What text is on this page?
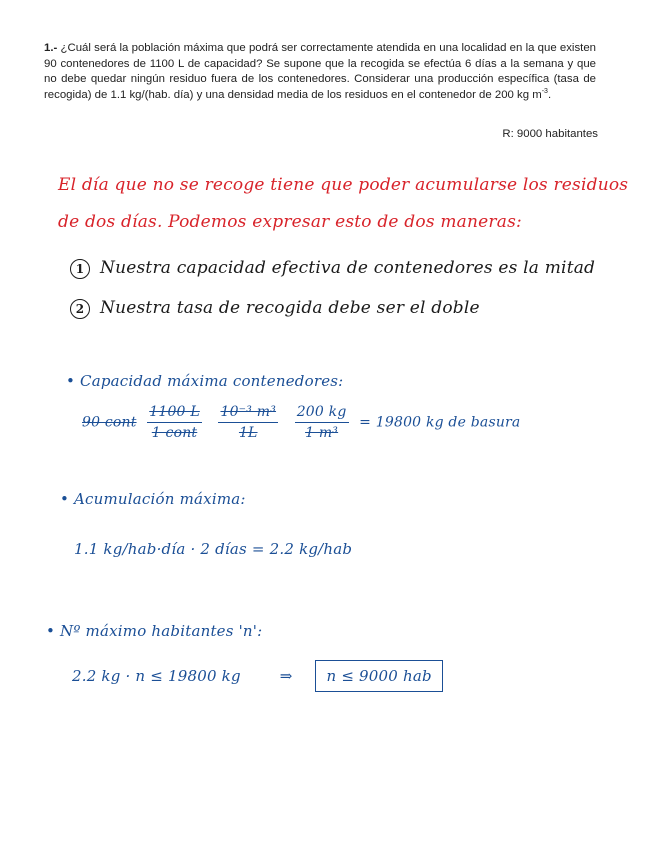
1.- ¿Cuál será la población máxima que podrá ser correctamente atendida en una localidad en la que existen 90 contenedores de 1100 L de capacidad? Se supone que la recogida se efectúa 6 días a la semana y que no debe quedar ningún residuo fuera de los contenedores. Considerar una producción específica (tasa de recogida) de 1.1 kg/(hab. día) y una densidad media de los residuos en el contenedor de 200 kg $m^{-3}$.
R: 9000 habitantes
El día que no se recoge tiene que poder acumularse los residuos
de dos días. Podemos expresar esto de dos maneras:
1 Nuestra capacidad efectiva de contenedores es la mitad
2 Nuestra tasa de recogida debe ser el doble
• Capacidad máxima contenedores:
90 cont $\frac{1100 L}{\text{1 cont}}$
$\frac{\text{10⁻³ m³}}{1L}$
$\frac{200 kg}{\text{1 m³}} = 19800$ kg de basura
• Acumulación máxima:
1.1 kg/hab·día · 2 días = 2.2 kg/hab
• Nº máximo habitantes 'n':
2.2 kg · n ≤ 19800 kg	⇒ n ≤ 9000 hab
